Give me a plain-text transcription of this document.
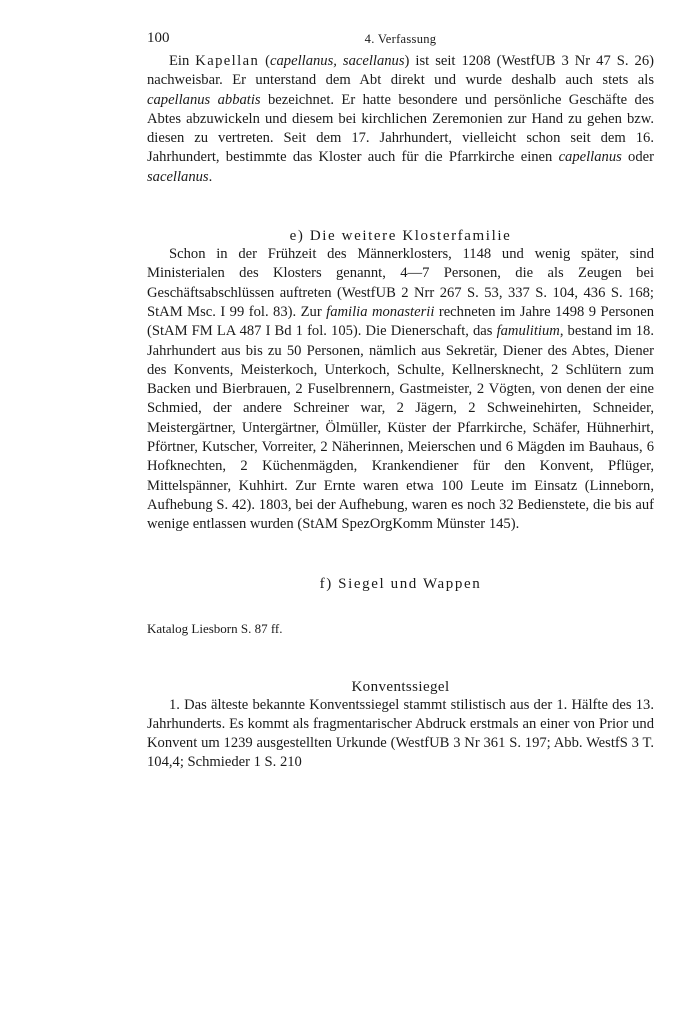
100	4. Verfassung

Ein Kapellan (capellanus, sacellanus) ist seit 1208 (WestfUB 3 Nr 47 S. 26) nachweisbar. Er unterstand dem Abt direkt und wurde deshalb auch stets als capellanus abbatis bezeichnet. Er hatte besondere und persönliche Geschäfte des Abtes abzuwickeln und diesem bei kirchlichen Zeremonien zur Hand zu gehen bzw. diesen zu vertreten. Seit dem 17. Jahrhundert, vielleicht schon seit dem 16. Jahrhundert, bestimmte das Kloster auch für die Pfarrkirche einen capellanus oder sacellanus.

e) Die weitere Klosterfamilie

Schon in der Frühzeit des Männerklosters, 1148 und wenig später, sind Ministerialen des Klosters genannt, 4—7 Personen, die als Zeugen bei Geschäftsabschlüssen auftreten (WestfUB 2 Nrr 267 S. 53, 337 S. 104, 436 S. 168; StAM Msc. I 99 fol. 83). Zur familia monasterii rechneten im Jahre 1498 9 Personen (StAM FM LA 487 I Bd 1 fol. 105). Die Dienerschaft, das famulitium, bestand im 18. Jahrhundert aus bis zu 50 Personen, nämlich aus Sekretär, Diener des Abtes, Diener des Konvents, Meisterkoch, Unterkoch, Schulte, Kellnersknecht, 2 Schlütern zum Backen und Bierbrauen, 2 Fuselbrennern, Gastmeister, 2 Vögten, von denen der eine Schmied, der andere Schreiner war, 2 Jägern, 2 Schweinehirten, Schneider, Meistergärtner, Untergärtner, Ölmüller, Küster der Pfarrkirche, Schäfer, Hühnerhirt, Pförtner, Kutscher, Vorreiter, 2 Näherinnen, Meierschen und 6 Mägden im Bauhaus, 6 Hofknechten, 2 Küchenmägden, Krankendiener für den Konvent, Pflüger, Mittelspänner, Kuhhirt. Zur Ernte waren etwa 100 Leute im Einsatz (Linneborn, Aufhebung S. 42). 1803, bei der Aufhebung, waren es noch 32 Bedienstete, die bis auf wenige entlassen wurden (StAM SpezOrgKomm Münster 145).

f) Siegel und Wappen

Katalog Liesborn S. 87 ff.

Konventssiegel

1. Das älteste bekannte Konventssiegel stammt stilistisch aus der 1. Hälfte des 13. Jahrhunderts. Es kommt als fragmentarischer Abdruck erstmals an einer von Prior und Konvent um 1239 ausgestellten Urkunde (WestfUB 3 Nr 361 S. 197; Abb. WestfS 3 T. 104,4; Schmieder 1 S. 210
